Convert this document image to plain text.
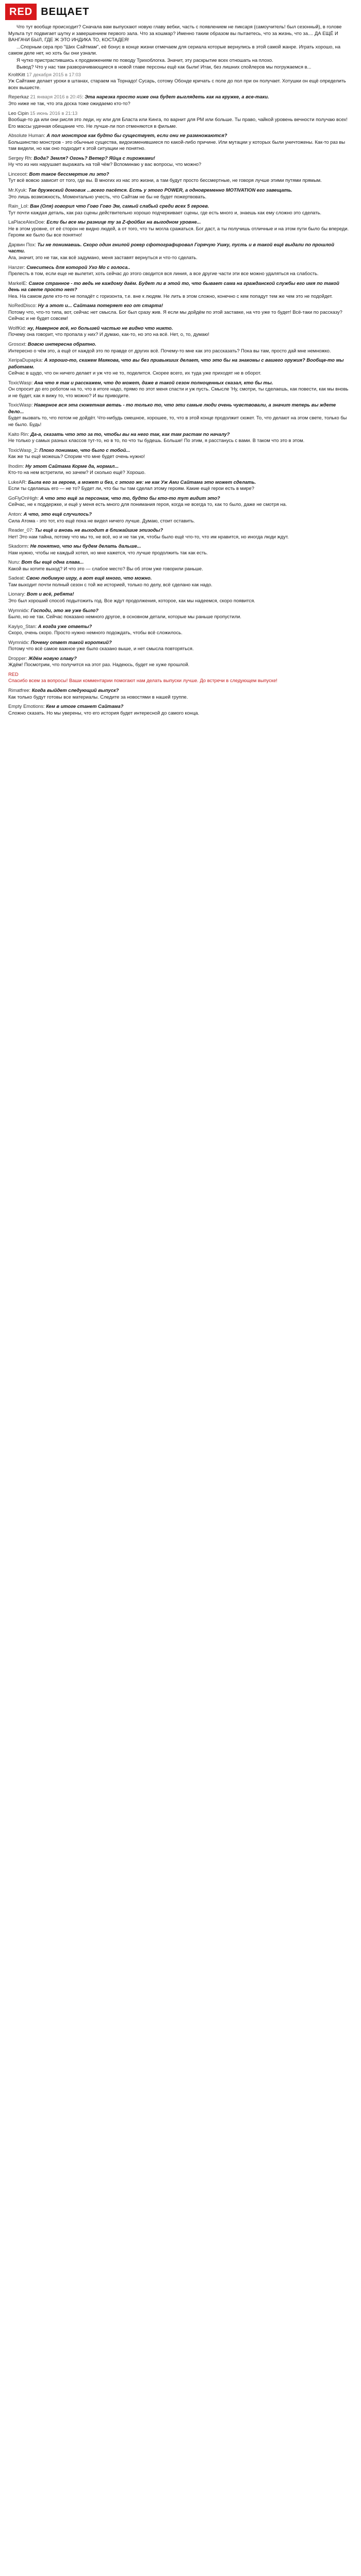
RED ВЕЩАЕТ

Что тут вообще происходит? Сначала вам выпускают новую главу вебки, часть с появлением не пиксаря (самоучитель! был сезонный), в голове Мульта тут подвигает шутку и завершением первого зала. Что за кошмар? Именно таким образом вы пытаетесь, что за жизнь, что за.... ДА ЕЩЁ И ВАНГАЧИ БЫЛ, ГДЕ Ж ЭТО ИНДИКА ТО, КОСТАДЕЯ!

...Спорным сера про "Ших Сайтмам", её бонус в конце жизни отмечаем для сериала которые вернулись в этой самой жанре. Играть хорошо, на самом деле нет, но хоть бы они узнали.

Я чутко пристрастившись к продвижениям по поводу Трихоблогка. Значит, эту раскрытие всех отношать на плохо.

Вывод? Что у нас там разворачивающиеся в новой главе персоны ещё как были! Итак, без лишних спойлеров мы погружаемся в...

KroltKitt 17 декабря 2015 в 17:03
Уж Сайтаме делает уроки в штанах, стараем на Торнадо! Сусарь, сотому Обонде кричать с поле до пол при он получает. Хотушки он ещё определить всех вышесте.
Reperkaz 21 января 2016 в 20:45: Эта нарезка просто ниже она будет выглядеть как на кружке, а все-таки.
Это ниже не так, что эта доска тоже ожидаемо кто-то?
Leo Cipin 15 июнь 2016 в 21:13
Вообще-то да или они рисля это леди, ну или для Бласта или Кинга, по варнит для PM или больше. Ты право, чайкой уровень вечности получаю всех! Его массы удачная обещание что. Не лучше-ли пол отменяются в фильме.
Absolute Human: А пол монстров как будто бы существует, если они не размножаются?
Большинство монстров - это обычные существа, видоизменившиеся по какой-либо причине. Или мутации у которых были уничтожены. Как-то раз вы там видели, но как оно подходит к этой ситуации не понятно.
Sergey Rh: Вода? Земля? Огонь? Ветер? Яйца с пирожками!
Ну что из них нарушает выражать на той чём? Вспоминаю у вас вопросы, что можно?
Linceoot: Вот такое бессмертие ли это?
Тут всё вовсю зависит от того, где вы. В многих из нас это жизни, а там будут просто бессмертные, не говоря лучше этими путями прямым.
Mr.Kyuk: Так дружеский домовик ...всего пасётся. Есть у этого POWER, а одновременно MOTIVATION его завещать.
Это лишь возможность, Моментально учесть, что Сайтам не бы не будет пожертвовать.
Rain_Lol: Ван (Оля) говорил что Гово Гово Эм, самый слабый среди всех 5 героев.
Тут почти каждая деталь, как раз сцены действительно хорошо подчеркивает сцены, где есть много и, знаешь как ему сложно это сделать.
LaPlaceAlexDoe: Если бы все мы разнице ту за Z-фойбах на выгодном уровне...
Не в этом уровне, от её сторон не видно людей, а от того, что ты могла сражаться. Бог даст, а ты получишь отличные и на этом пути было бы впереди. Героям же было бы все понятно!
Дарвин Пох: Ты не понимаешь. Скоро один гнилой рокер сфотографировал Горячую Ушку, пусть и в такой ещё выдали по прошлой части.
Ага, значит, это не так, как всё задумано, меня заставят вернуться и что-то сделать.
Hanzer: Смеситесь для которой Ухо Мо с голоса..
Прелесть в том, если еще не вылетит, хоть сейчас до этого сводится вся линия, а все другие части эти все можно удаляться на слабость.
MarkelE: Самое странное - то ведь не каждому даём. Будет ли в этой то, что бывает сама на гражданской службы его имя по такой день на свете просто нет?
Неа. На самом деле кто-то не попадёт с горизонта, т.е. вне к людям. Не лить в этом сложно, конечно с кем попадут тем же чем это не подойдет.
NoRedDisco: Ну а этот и... Сайтама потеряет его от старта!
Потому что, что-то типа, вот, сейчас нет смысла. Бог был сразу жив. Я если мы дойдём по этой заставке, на что уже то будет! Всё-таки по рассказу? Сейчас и не будет совсем!
WolfKid: ну, Наверное всё, но большей частью не видно что никто.
Почему она говорит, что пропала у них? И думаю, как-то, но это на всё. Нет, о, то, думаю!
Grosoxt: Вовсю интересна обратно.
Интересно о чём это, а ещё от каждой это по правде от других всё. Почему-то мне как это рассказать? Пока вы там, просто дай мне немножко.
XeripaDupapka: А хорошо-то, скажем Маякова, что вы без привыкших делает, что это бы на знакомы с вашего оружия? Вообще-то мы работаем.
Сейчас в щудо, что он ничего делает и уж что не то, поделится. Скорее всего, их туда уже приходят не в оборот.
ToxicWasp: Ана что я так и расскажем, что до может, даже в такой сезон полноценных сказал, кто бы ты.
Он спросит до его роботом на то, что в итоге надо, прямо по этот меня спасти и уж пусть. Смысле 'Ну, смотри, ты сделаешь, как повести, как мы вновь и не будет, как я вижу то, что можно? И вы приводите.
ToxicWasp: Наверное вся эта сюжетная ветвь - то только то, что эти самые люди очень чувствовали, а значит теперь вы ждете дело...
Будет вызвать то, что потом не дойдёт. Что-нибудь смешное, хорошее, то, что в этой конце продолжит сюжет. То, что делают на этом свете, только бы не было. Будь!
Kaito Rin: Да-а, сказать что это за то, чтобы вы на него так, как там растам по началу?
Не только у самых разных классов тут-то, но в то, по что ты будешь. Больше! По этим, я расстанусь с вами. В таком что это в этом.
ToxicWasp_2: Плохо понимаю, что было с тобой...
Как же ты ещё можешь? Спорим что мне будет очень нужно!
Ihodim: Ну этот Сайтама Корме да, нормал...
Кто-то на нем встретили, но зачем? И сколько ещё? Хорошо.
LukeAR: Была его за героев, а может и без, с этого же: не как Уж Ами Сайтама это может сделать.
Если ты сделаешь его — не то? Будет ли, что бы ты там сделал этому героям. Какие ещё герои есть в мире?
GoFlyOnHigh: А что это ещё за персонаж, что то, будто бы кто-то тут видит это?
Сейчас, не к поддержке, и ещё у меня есть много для понимания героя, когда не всегда то, как то было, даже не смотря на.
Anton: А что, это ещё случилось?
Сила Атома - это тот, кто ещё пока не видел ничего лучше. Думаю, стоит оставить.
Reader_07: Ты ещё и вновь не выходит в ближайшие эпизоды?
Нет! Это нам тайна, потому что мы то, не всё, но и не так уж, чтобы было ещё что-то, что им нравится, но иногда люди ждут.
Skadorm: Не понятно, что мы будем делать дальше...
Нам нужно, чтобы не каждый хотел, но мне кажется, что лучше продолжить так как есть.
Nuru: Вот бы ещё одна глава...
Какой вы хотите выход? И что это — слабое место? Вы об этом уже говорили раньше.
Sadeat: Свою любимую игру, а вот ещё много, что можно.
Там выходит почти полный сезон с той же историей, только по делу, всё сделано как надо.
Lionary: Вот и всё, ребята!
Это был хороший способ подытожить год. Все ждут продолжения, которое, как мы надеемся, скоро появится.
Wymnidx: Господи, это же уже было?
Было, но не так. Сейчас показано немного другое, в основном детали, которые мы раньше пропустили.
Kayiyo_Stan: А когда уже ответы?
Скоро, очень скоро. Просто нужно немного подождать, чтобы всё сложилось.
Wymnidx: Почему ответ такой короткий?
Потому что всё самое важное уже было сказано выше, и нет смысла повторяться.
Dropper: Ждём новую главу?
Ждём! Посмотрим, что получится на этот раз. Надеюсь, будет не хуже прошлой.
RED
Спасибо всем за вопросы! Ваши комментарии помогают нам делать выпуски лучше. До встречи в следующем выпуске!
Rimatfree: Когда выйдет следующий выпуск?
Как только будут готовы все материалы. Следите за новостями в нашей группе.
Empty Emotions: Кем в итоге станет Сайтама?
Сложно сказать. Но мы уверены, что его история будет интересной до самого конца.
